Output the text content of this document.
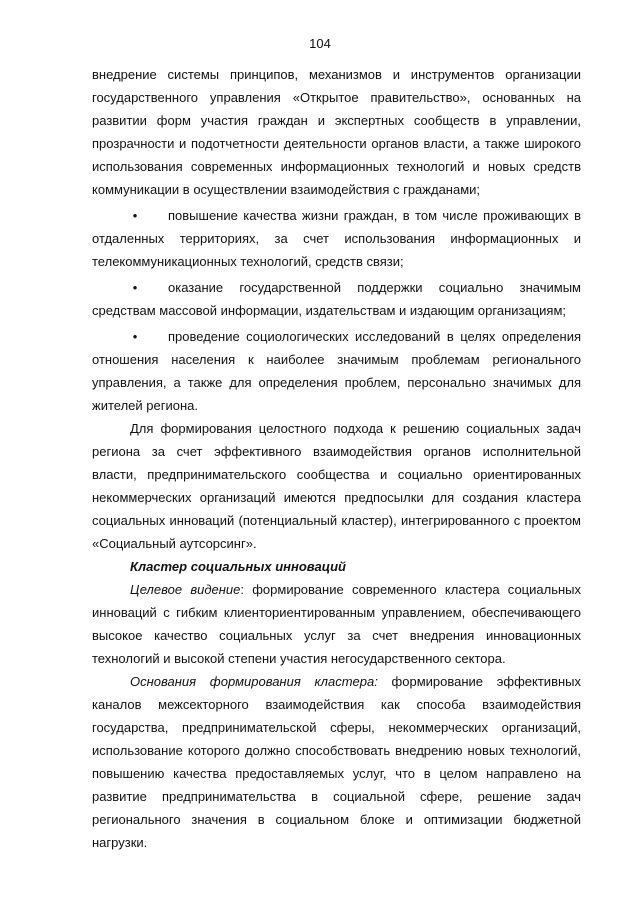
104

внедрение системы принципов, механизмов и инструментов организации государственного управления «Открытое правительство», основанных на развитии форм участия граждан и экспертных сообществ в управлении, прозрачности и подотчетности деятельности органов власти, а также широкого использования современных информационных технологий и новых средств коммуникации в осуществлении взаимодействия с гражданами;

• повышение качества жизни граждан, в том числе проживающих в отдаленных территориях, за счет использования информационных и телекоммуникационных технологий, средств связи;

• оказание государственной поддержки социально значимым средствам массовой информации, издательствам и издающим организациям;

• проведение социологических исследований в целях определения отношения населения к наиболее значимым проблемам регионального управления, а также для определения проблем, персонально значимых для жителей региона.

Для формирования целостного подхода к решению социальных задач региона за счет эффективного взаимодействия органов исполнительной власти, предпринимательского сообщества и социально ориентированных некоммерческих организаций имеются предпосылки для создания кластера социальных инноваций (потенциальный кластер), интегрированного с проектом «Социальный аутсорсинг».

Кластер социальных инноваций

Целевое видение: формирование современного кластера социальных инноваций с гибким клиенториентированным управлением, обеспечивающего высокое качество социальных услуг за счет внедрения инновационных технологий и высокой степени участия негосударственного сектора.

Основания формирования кластера: формирование эффективных каналов межсекторного взаимодействия как способа взаимодействия государства, предпринимательской сферы, некоммерческих организаций, использование которого должно способствовать внедрению новых технологий, повышению качества предоставляемых услуг, что в целом направлено на развитие предпринимательства в социальной сфере, решение задач регионального значения в социальном блоке и оптимизации бюджетной нагрузки.
